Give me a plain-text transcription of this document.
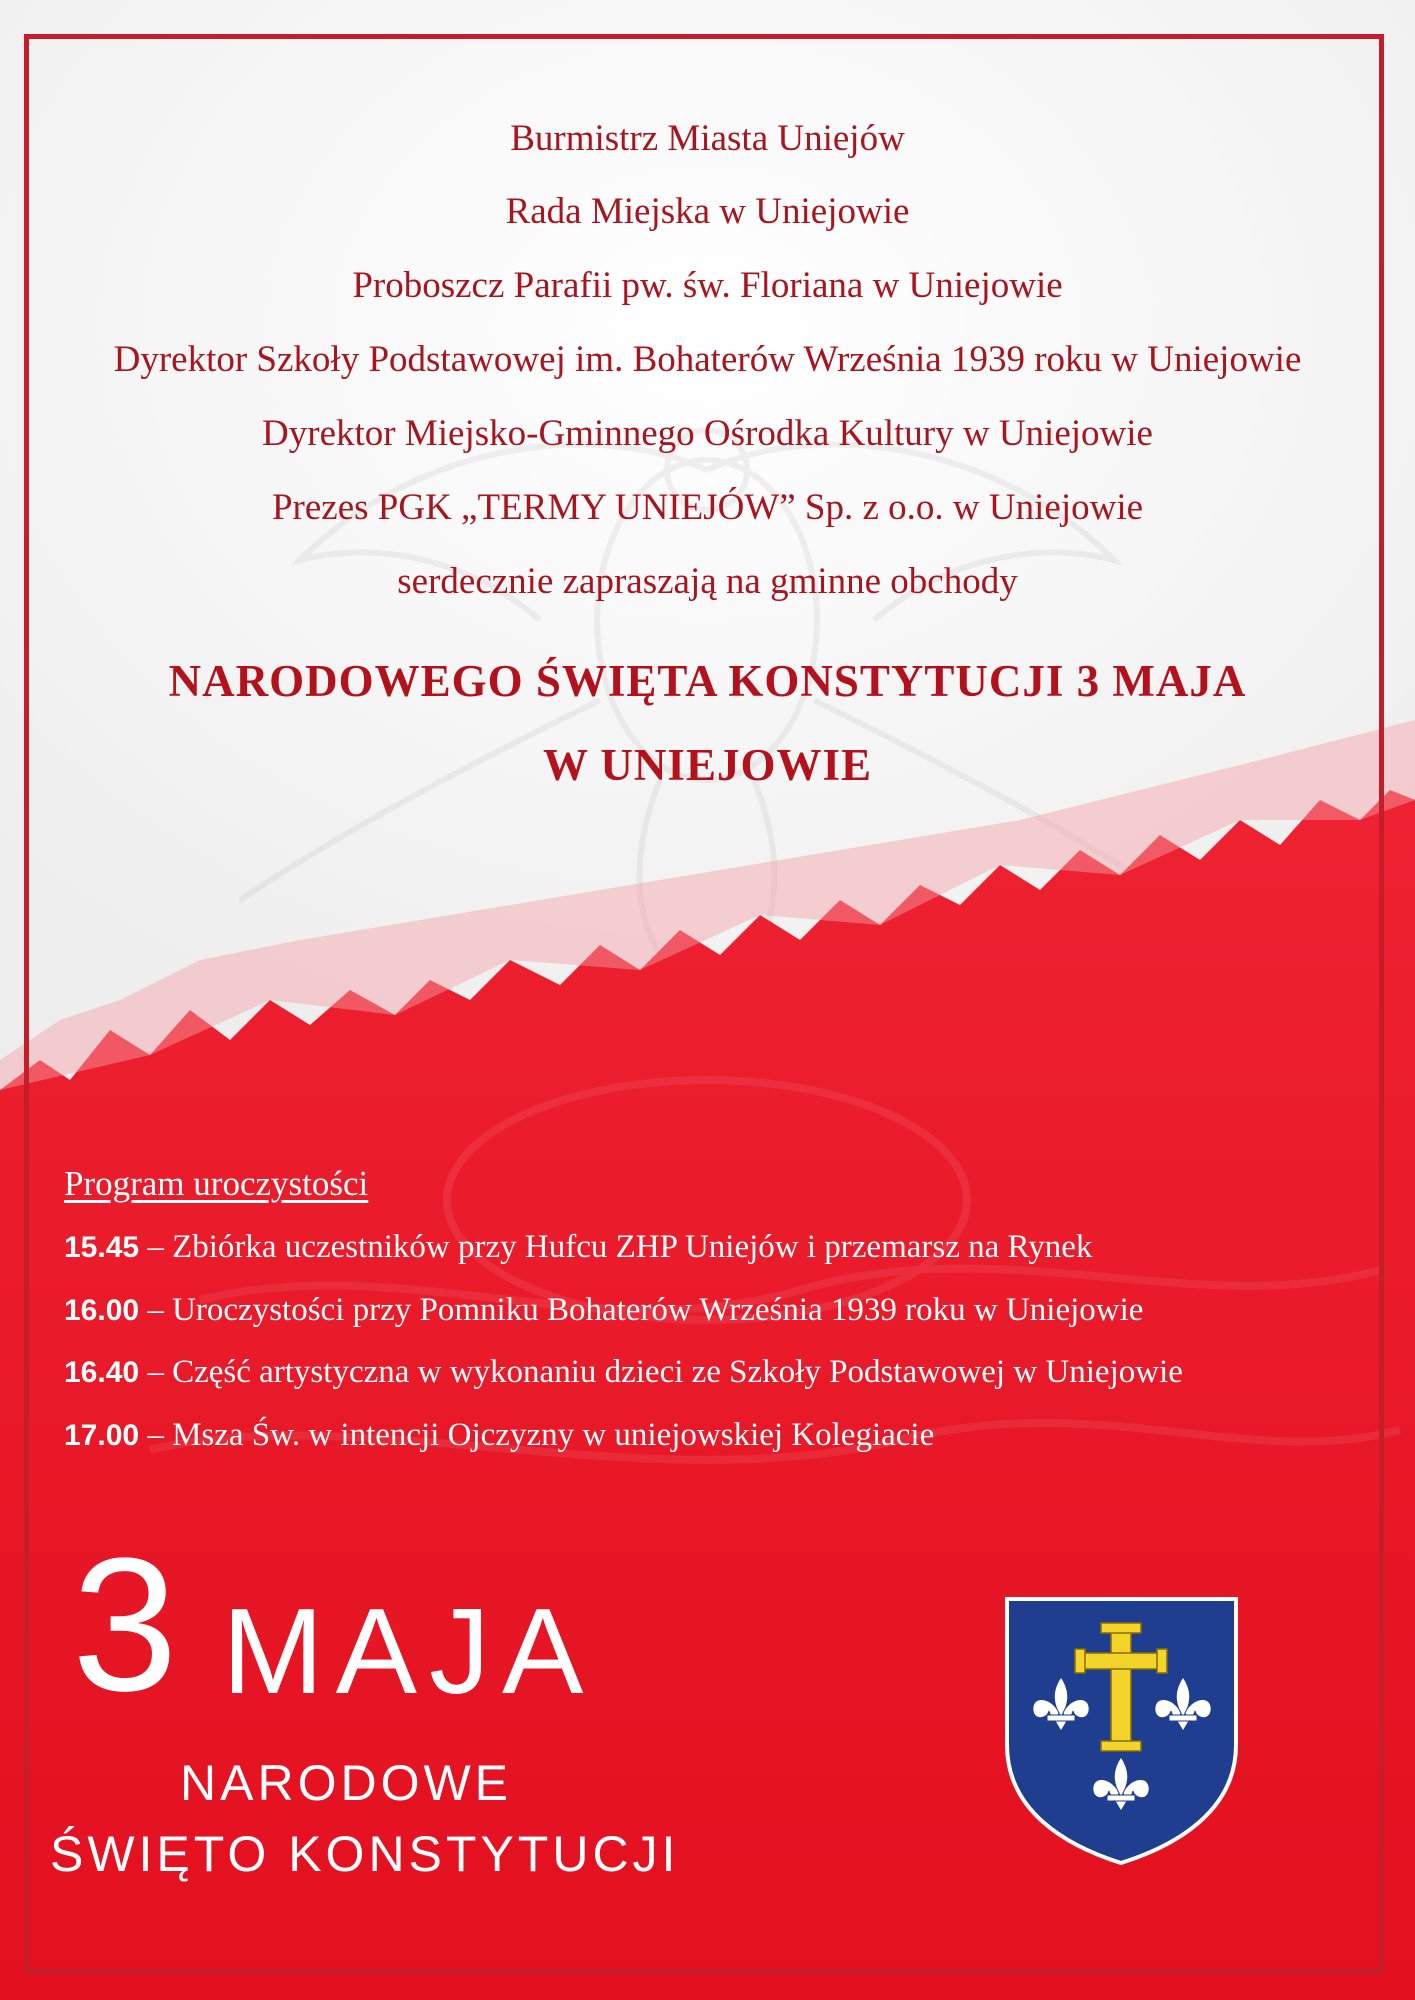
Burmistrz Miasta Uniejów
Rada Miejska w Uniejowie
Proboszcz Parafii pw. św. Floriana w Uniejowie
Dyrektor Szkoły Podstawowej im. Bohaterów Września 1939 roku w Uniejowie
Dyrektor Miejsko-Gminnego Ośrodka Kultury w Uniejowie
Prezes PGK „TERMY UNIEJÓW” Sp. z o.o. w Uniejowie
serdecznie zapraszają na gminne obchody
NARODOWEGO ŚWIĘTA KONSTYTUCJI 3 MAJA
W UNIEJOWIE
Program uroczystości
15.45 – Zbiórka uczestników przy Hufcu ZHP Uniejów i przemarsz na Rynek
16.00 – Uroczystości przy Pomniku Bohaterów Września 1939 roku w Uniejowie
16.40 – Część artystyczna w wykonaniu dzieci ze Szkoły Podstawowej w Uniejowie
17.00 – Msza Św. w intencji Ojczyzny w uniejowskiej Kolegiacie
3 MAJA
NARODOWE
ŚWIĘTO KONSTYTUCJI
